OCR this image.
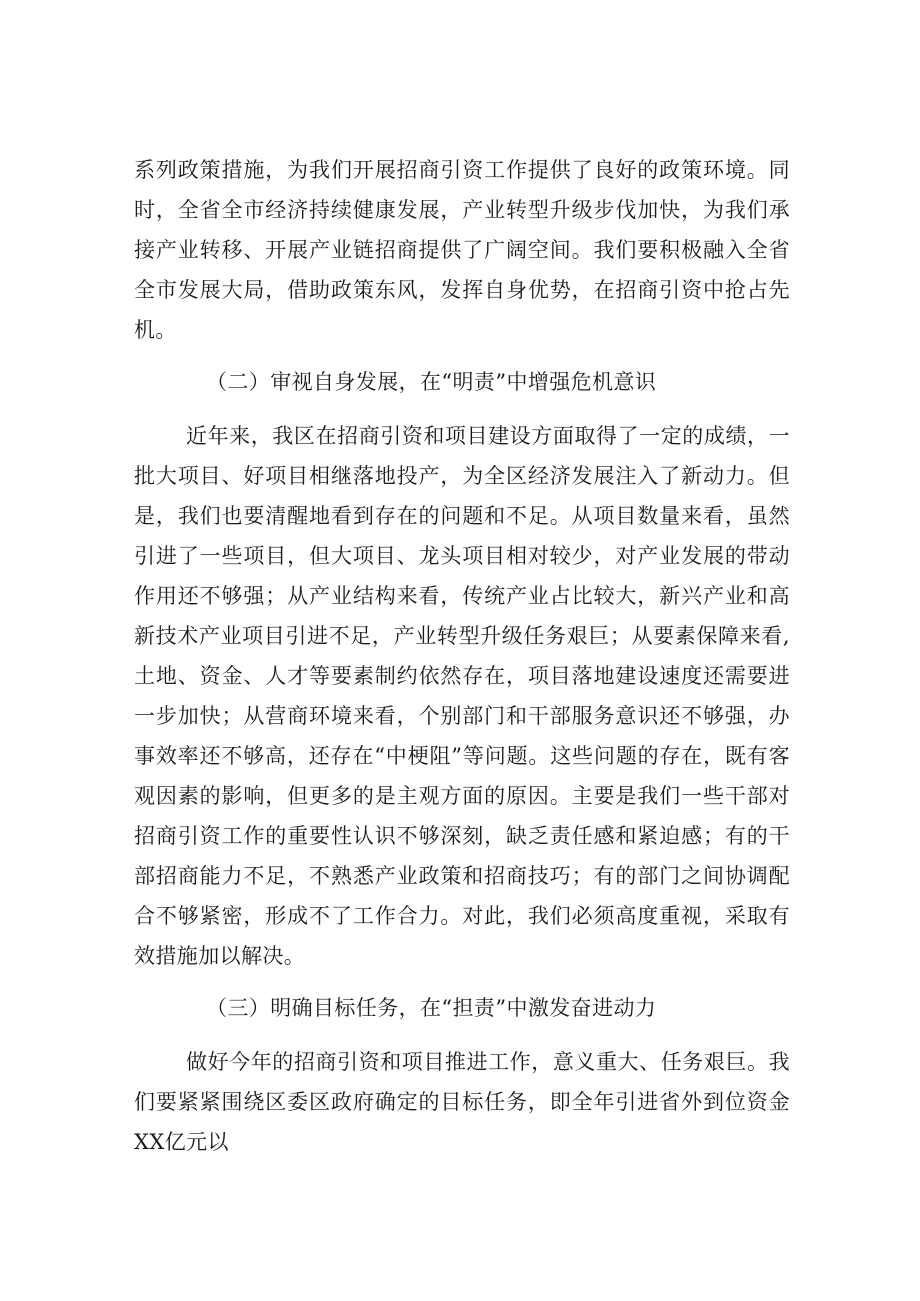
系列政策措施，为我们开展招商引资工作提供了良好的政策环境。同时，全省全市经济持续健康发展，产业转型升级步伐加快，为我们承接产业转移、开展产业链招商提供了广阔空间。我们要积极融入全省全市发展大局，借助政策东风，发挥自身优势，在招商引资中抢占先机。

（二）审视自身发展，在“明责”中增强危机意识

近年来，我区在招商引资和项目建设方面取得了一定的成绩，一批大项目、好项目相继落地投产，为全区经济发展注入了新动力。但是，我们也要清醒地看到存在的问题和不足。从项目数量来看，虽然引进了一些项目，但大项目、龙头项目相对较少，对产业发展的带动作用还不够强；从产业结构来看，传统产业占比较大，新兴产业和高新技术产业项目引进不足，产业转型升级任务艰巨；从要素保障来看,土地、资金、人才等要素制约依然存在，项目落地建设速度还需要进一步加快；从营商环境来看，个别部门和干部服务意识还不够强，办事效率还不够高，还存在“中梗阻”等问题。这些问题的存在，既有客观因素的影响，但更多的是主观方面的原因。主要是我们一些干部对招商引资工作的重要性认识不够深刻，缺乏责任感和紧迫感；有的干部招商能力不足，不熟悉产业政策和招商技巧；有的部门之间协调配合不够紧密，形成不了工作合力。对此，我们必须高度重视，采取有效措施加以解决。

（三）明确目标任务，在“担责”中激发奋进动力

做好今年的招商引资和项目推进工作，意义重大、任务艰巨。我们要紧紧围绕区委区政府确定的目标任务，即全年引进省外到位资金XX亿元以
